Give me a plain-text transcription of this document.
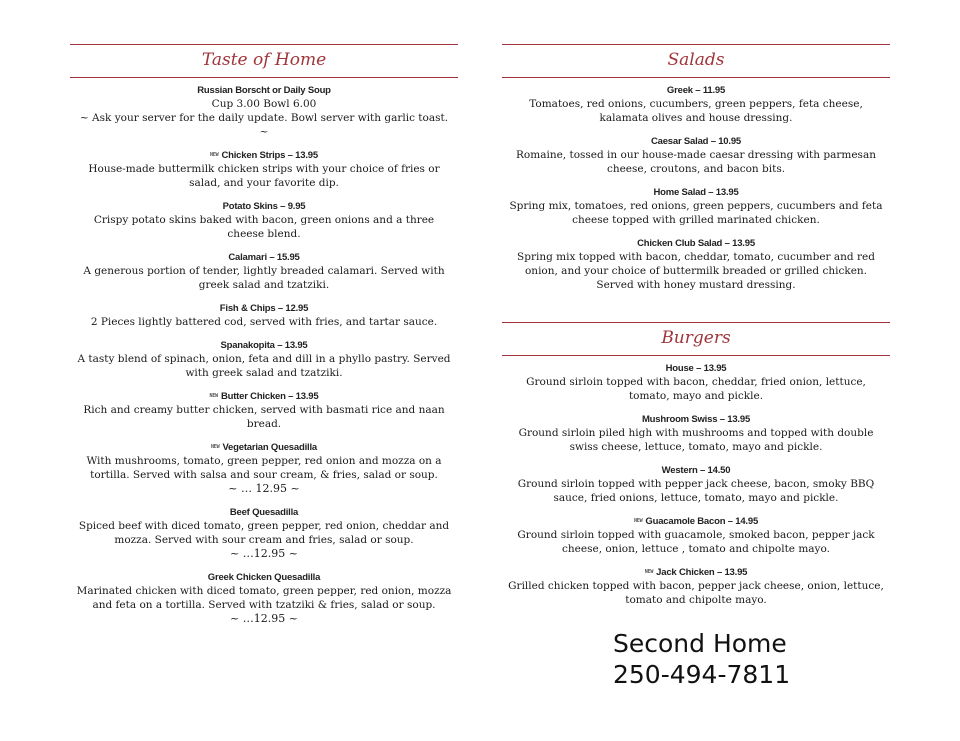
Taste of Home
Russian Borscht or Daily Soup
Cup 3.00 Bowl 6.00
~ Ask your server for the daily update. Bowl server with garlic toast. ~
NEW Chicken Strips – 13.95
House-made buttermilk chicken strips with your choice of fries or salad, and your favorite dip.
Potato Skins – 9.95
Crispy potato skins baked with bacon, green onions and a three cheese blend.
Calamari – 15.95
A generous portion of tender, lightly breaded calamari. Served with greek salad and tzatziki.
Fish & Chips – 12.95
2 Pieces lightly battered cod, served with fries, and tartar sauce.
Spanakopita – 13.95
A tasty blend of spinach, onion, feta and dill in a phyllo pastry. Served with greek salad and tzatziki.
NEW Butter Chicken – 13.95
Rich and creamy butter chicken, served with basmati rice and naan bread.
NEW Vegetarian Quesadilla
With mushrooms, tomato, green pepper, red onion and mozza on a tortilla. Served with salsa and sour cream, & fries, salad or soup.
~ … 12.95 ~
Beef Quesadilla
Spiced beef with diced tomato, green pepper, red onion, cheddar and mozza. Served with sour cream and fries, salad or soup.
~ …12.95 ~
Greek Chicken Quesadilla
Marinated chicken with diced tomato, green pepper, red onion, mozza and feta on a tortilla. Served with tzatziki & fries, salad or soup.
~ …12.95 ~
Salads
Greek – 11.95
Tomatoes, red onions, cucumbers, green peppers, feta cheese, kalamata olives and house dressing.
Caesar Salad – 10.95
Romaine, tossed in our house-made caesar dressing with parmesan cheese, croutons, and bacon bits.
Home Salad – 13.95
Spring mix, tomatoes, red onions, green peppers, cucumbers and feta cheese topped with grilled marinated chicken.
Chicken Club Salad – 13.95
Spring mix topped with bacon, cheddar, tomato, cucumber and red onion, and your choice of buttermilk breaded or grilled chicken. Served with honey mustard dressing.
Burgers
House – 13.95
Ground sirloin topped with bacon, cheddar, fried onion, lettuce, tomato, mayo and pickle.
Mushroom Swiss – 13.95
Ground sirloin piled high with mushrooms and topped with double swiss cheese, lettuce, tomato, mayo and pickle.
Western – 14.50
Ground sirloin topped with pepper jack cheese, bacon, smoky BBQ sauce, fried onions, lettuce, tomato, mayo and pickle.
NEW Guacamole Bacon – 14.95
Ground sirloin topped with guacamole, smoked bacon, pepper jack cheese, onion, lettuce , tomato and chipolte mayo.
NEW Jack Chicken – 13.95
Grilled chicken topped with bacon, pepper jack cheese, onion, lettuce, tomato and chipolte mayo.
Second Home
250-494-7811
